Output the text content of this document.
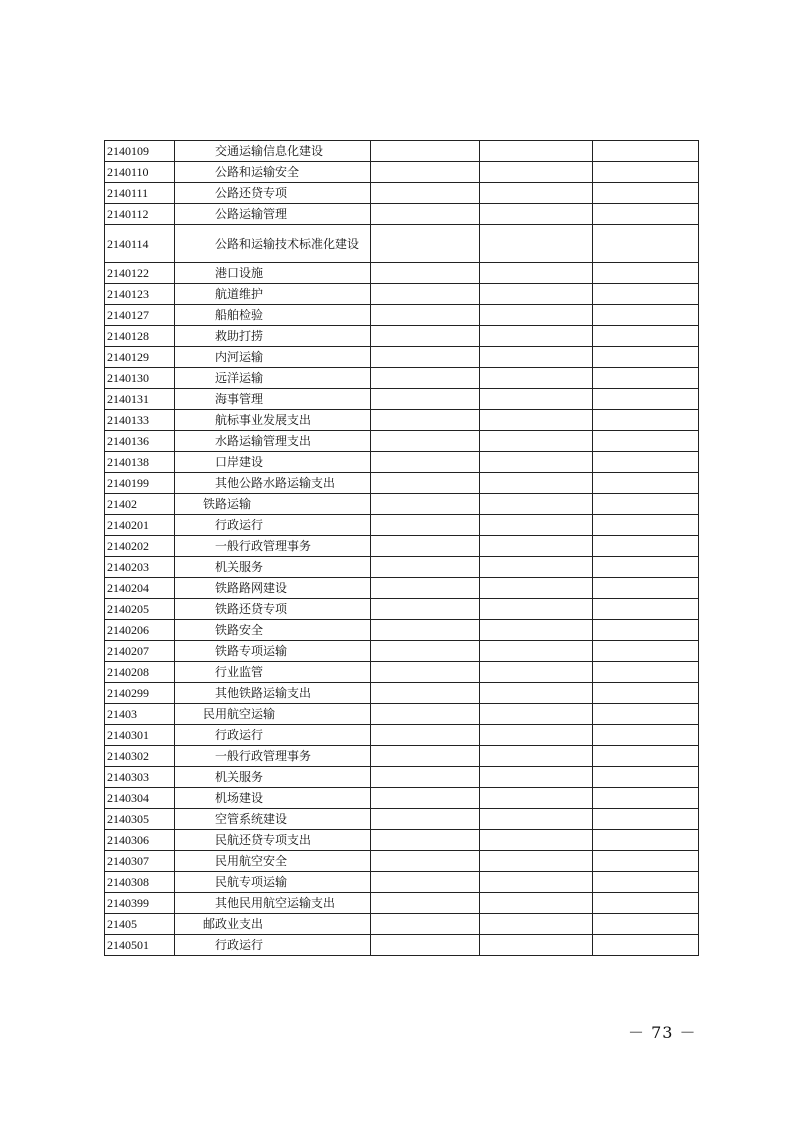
2140109	交通运输信息化建设			
2140110	公路和运输安全			
2140111	公路还贷专项			
2140112	公路运输管理			
2140114	公路和运输技术标准化建设			

2140122	港口设施			
2140123	航道维护			
2140127	船舶检验			
2140128	救助打捞			
2140129	内河运输			
2140130	远洋运输			
2140131	海事管理			
2140133	航标事业发展支出			
2140136	水路运输管理支出			
2140138	口岸建设			
2140199	其他公路水路运输支出			
21402	铁路运输			
2140201	行政运行			
2140202	一般行政管理事务			
2140203	机关服务			
2140204	铁路路网建设			
2140205	铁路还贷专项			
2140206	铁路安全			
2140207	铁路专项运输			
2140208	行业监管			
2140299	其他铁路运输支出			
21403	民用航空运输			
2140301	行政运行			
2140302	一般行政管理事务			
2140303	机关服务			
2140304	机场建设			
2140305	空管系统建设			
2140306	民航还贷专项支出			
2140307	民用航空安全			
2140308	民航专项运输			
2140399	其他民用航空运输支出			
21405	邮政业支出			
2140501	行政运行			
－ 73 －
